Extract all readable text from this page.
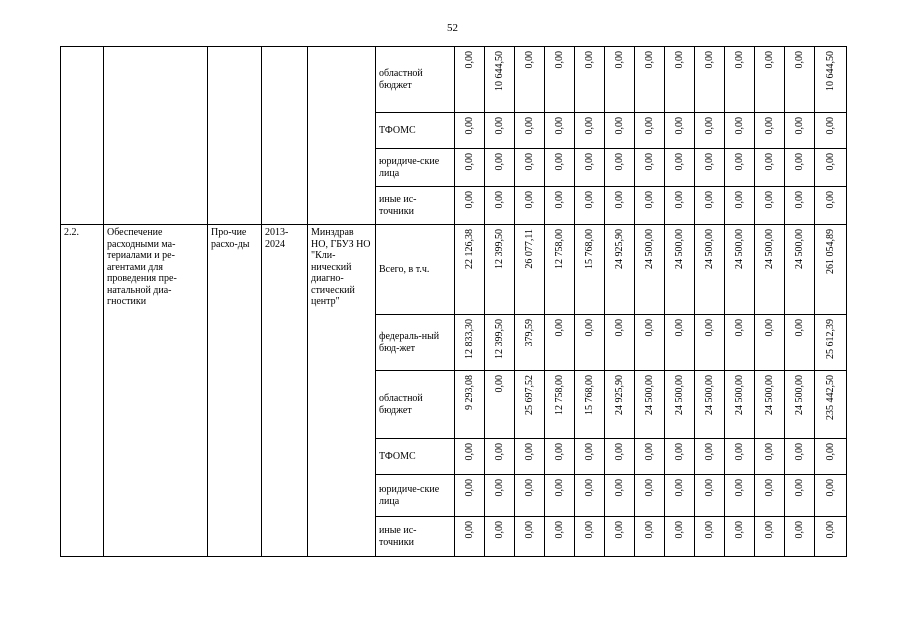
52
					областной бюджет	0,00	10 644,50	0,00	0,00	0,00	0,00	0,00	0,00	0,00	0,00	0,00	0,00	10 644,50

					ТФОМС	0,00	0,00	0,00	0,00	0,00	0,00	0,00	0,00	0,00	0,00	0,00	0,00	0,00

					юридиче-ские лица	0,00	0,00	0,00	0,00	0,00	0,00	0,00	0,00	0,00	0,00	0,00	0,00	0,00

					иные ис-точники	0,00	0,00	0,00	0,00	0,00	0,00	0,00	0,00	0,00	0,00	0,00	0,00	0,00

2.2.	Обеспечение расходными ма-териалами и ре-агентами для проведения пре-натальной диа-гностики	Про-чие расхо-ды	2013-2024	Минздрав НО, ГБУЗ НО "Кли-нический диагно-стический центр"	Всего, в т.ч.	22 126,38	12 399,50	26 077,11	12 758,00	15 768,00	24 925,90	24 500,00	24 500,00	24 500,00	24 500,00	24 500,00	24 500,00	261 054,89

					федераль-ный бюд-жет	12 833,30	12 399,50	379,59	0,00	0,00	0,00	0,00	0,00	0,00	0,00	0,00	0,00	25 612,39

					областной бюджет	9 293,08	0,00	25 697,52	12 758,00	15 768,00	24 925,90	24 500,00	24 500,00	24 500,00	24 500,00	24 500,00	24 500,00	235 442,50

					ТФОМС	0,00	0,00	0,00	0,00	0,00	0,00	0,00	0,00	0,00	0,00	0,00	0,00	0,00

					юридиче-ские лица	0,00	0,00	0,00	0,00	0,00	0,00	0,00	0,00	0,00	0,00	0,00	0,00	0,00

					иные ис-точники	0,00	0,00	0,00	0,00	0,00	0,00	0,00	0,00	0,00	0,00	0,00	0,00	0,00
